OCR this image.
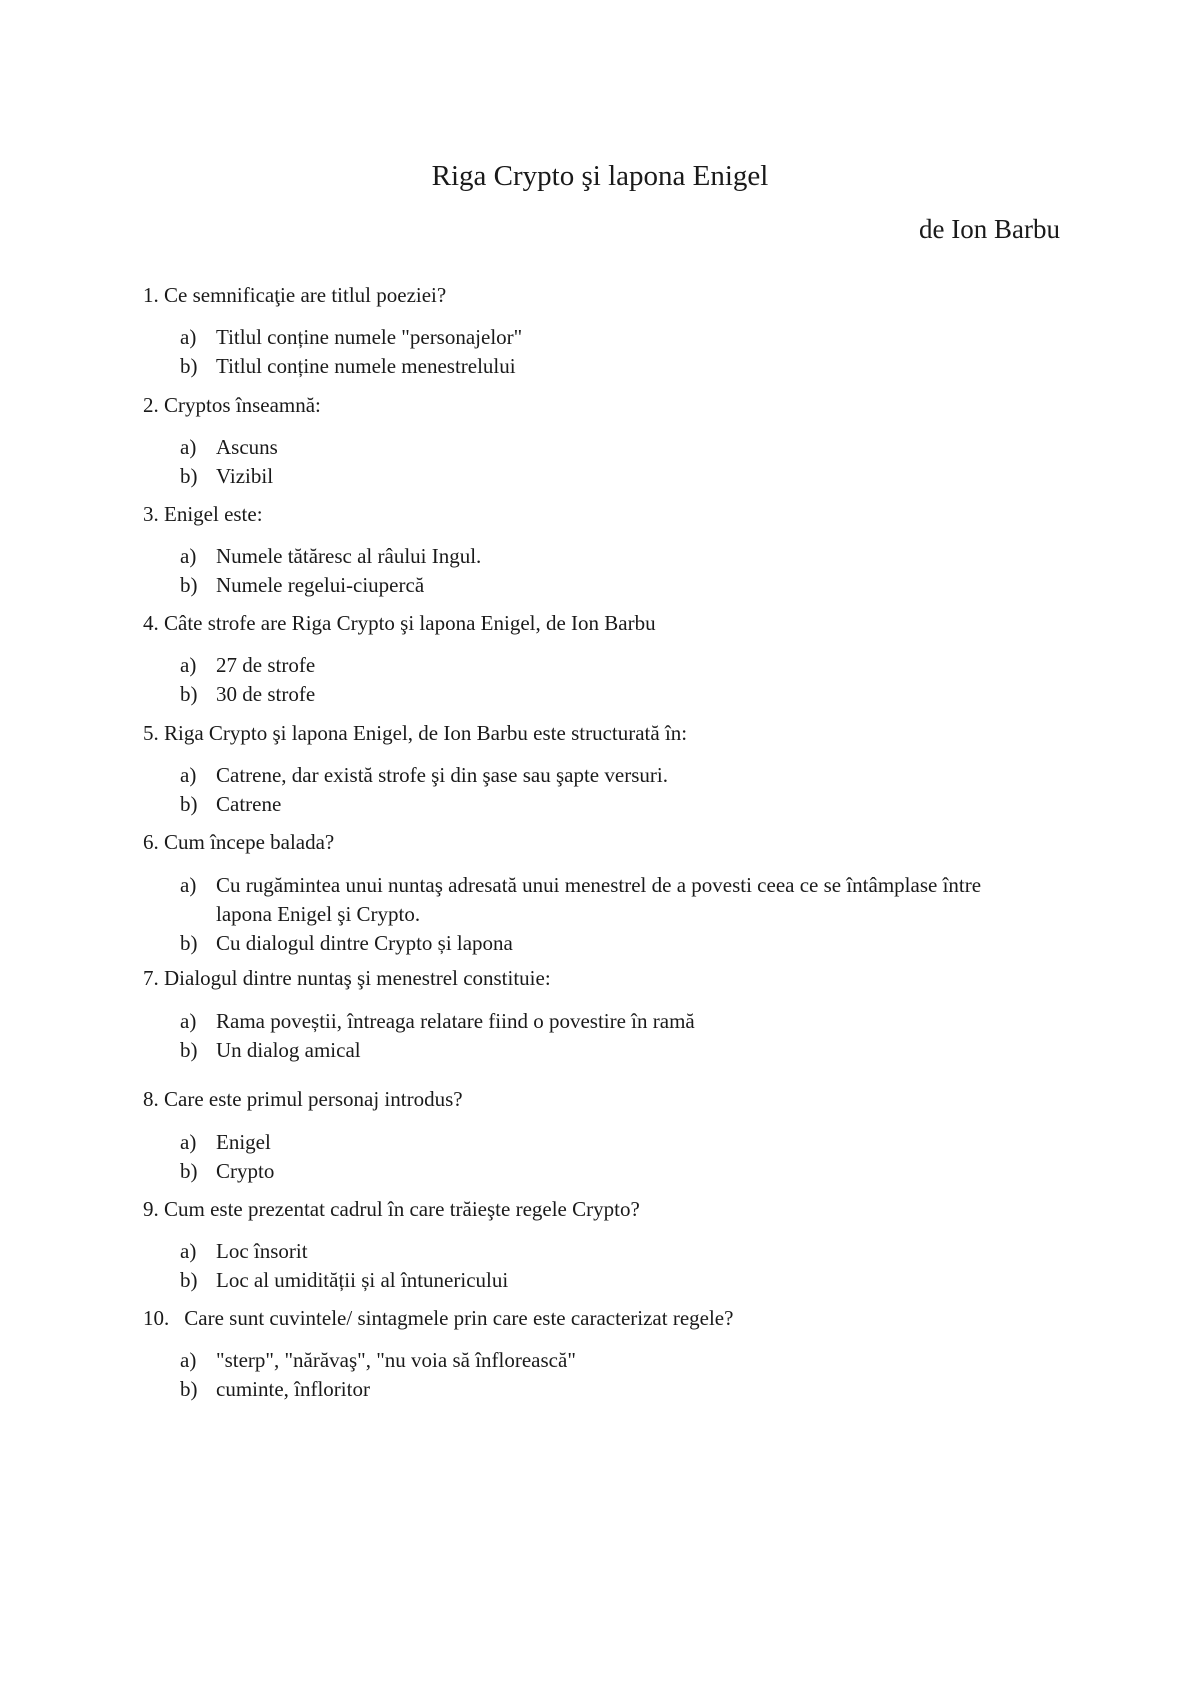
Riga Crypto şi lapona Enigel
de Ion Barbu
1. Ce semnificaţie are titlul poeziei?
a) Titlul conține numele "personajelor"
b) Titlul conține numele menestrelului
2. Cryptos înseamnă:
a) Ascuns
b) Vizibil
3. Enigel este:
a) Numele tătăresc al râului Ingul.
b) Numele regelui-ciupercă
4. Câte strofe are Riga Crypto şi lapona Enigel, de Ion Barbu
a) 27 de strofe
b) 30 de strofe
5. Riga Crypto şi lapona Enigel, de Ion Barbu este structurată în:
a) Catrene, dar există strofe şi din şase sau şapte versuri.
b) Catrene
6. Cum începe balada?
a) Cu rugămintea unui nuntaş adresată unui menestrel de a povesti ceea ce se întâmplase între lapona Enigel şi Crypto.
b) Cu dialogul dintre Crypto și lapona
7. Dialogul dintre nuntaş şi menestrel constituie:
a) Rama poveștii, întreaga relatare fiind o povestire în ramă
b) Un dialog amical
8. Care este primul personaj introdus?
a) Enigel
b) Crypto
9. Cum este prezentat cadrul în care trăieşte regele Crypto?
a) Loc însorit
b) Loc al umidității și al întunericului
10. Care sunt cuvintele/ sintagmele prin care este caracterizat regele?
a) "sterp", "nărăvaş", "nu voia să înflorească"
b) cuminte, înfloritor
